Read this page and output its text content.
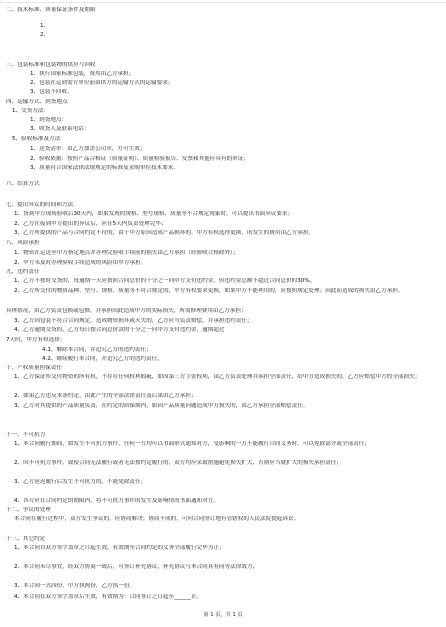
二、技术标准、质量保证条件及期限
1、
2、
三、包装标准和包装物的供应与回收
1、执行国家标准包装，费用由乙方承担；
2、包装在运到需方单位前由供方的运输方式的运输要求；
3、包装不回收。
四、运输方式、到货地点
1、交货方法：
1、到货地点：
3、收货人及联系电话：
5、验收标准及方法
1、送货清单：由乙方加盖公司章，方可生效；
2、验收依据：按照产品合格证（质量证明）、质量检验报告、发票和其他应具有的单证；
3、质量符合国家法律法规规定的标准及采购单位技术要求。
六、结算方式
七、提出异议的时间和方法
1、货到甲方现场验收后30天内，如果发现的规格、型号规格、质量等不合规定现象时，可以提出书面异议要求；
2、乙方在接到甲方提出的异议后，应在5天内负责处理完毕；
3、乙方所提供的产品与合同约定不符的，由于甲方原因造成产品损坏的，甲方有权选择更换，所发生的费用由乙方承担。
八、风险承担
1、物资在运送至甲方指定地点并办理完验收手续前的损失由乙方承担（经验收合格除外）；
2、甲方未及时办理验收手续造成的风险由甲方承担。
九、违约责任
1、乙方不按时交货的，每逾期一天应按照合同总价的千分之一向甲方支付违约金，但违约金总额不超过合同总价的30%。
2、乙方所交付的物资品种、型号、规格、质量等不符合规定的，甲方有权要求更换，如果甲方不能利用的，应按照规定处理；因此而造成的损失由乙方承担。
具体情况，由乙方负责包换或包修，并承担因此造成甲方的实际损失，所需修理费用由乙方承担；
3、乙方因包装不符合合同规定，造成物资损坏或灭失的，乙方应当负责赔偿，并承担违约责任；
4、乙方逾期交货的，乙方每日按合同总价款的千分之一向甲方支付违约金，逾期超过
7天时，甲方有权选择：
4.1、解除本合同，并追究乙方的违约责任；
4.2、继续履行本合同，并追究乙方的违约责任。
十、产权质量担保责任
1、乙方保证所交付物资的所有权，不存在任何权利瑕疵，如因第三方主张权利，由乙方负责处理并承担全部责任，给甲方造成损失的，乙方应赔偿甲方的全部损失；
2、如果乙方违反本条约定，由此产生的全部法律责任及后果由乙方承担；
3、乙方对其提供的产品质量负责，在约定的质保期内，如因产品质量问题造成甲方损失的，由乙方承担全部赔偿责任。
十一、不可抗力
1、本合同履行期间，如发生不可抗力事件，任何一方均可以书面形式通知对方，受影响的一方不能履行合同义务时，可以免除部分或全部责任；
2、因不可抗力事件，致使合同无法履行或者无法按约定履行的，双方均应采取措施避免损失扩大，否则应当就扩大的损失承担责任；
3、乙方延迟履行后发生不可抗力的，不能免除责任；
4、各方应在合同约定的期限内，将不可抗力事件的发生及影响情况书面通知对方。
十二、争议的处理
本合同在履行过程中，双方发生争议的，应协商解决；协商不成的，可向合同签订地有管辖权的人民法院提起诉讼。
十三、其它约定
1、本合同自双方签字盖章之日起生效，有效期至合同约定的义务全部履行完毕为止；
2、本合同未尽事宜，经双方协商一致后，可签订补充协议，补充协议与本合同具有同等法律效力；
3、本合同一式四份，甲方执两份，乙方执一份。
4、本合同在双方签字盖章后生效，有效期为：合同签订之日起至______止。
第 1 页，共 1 页
